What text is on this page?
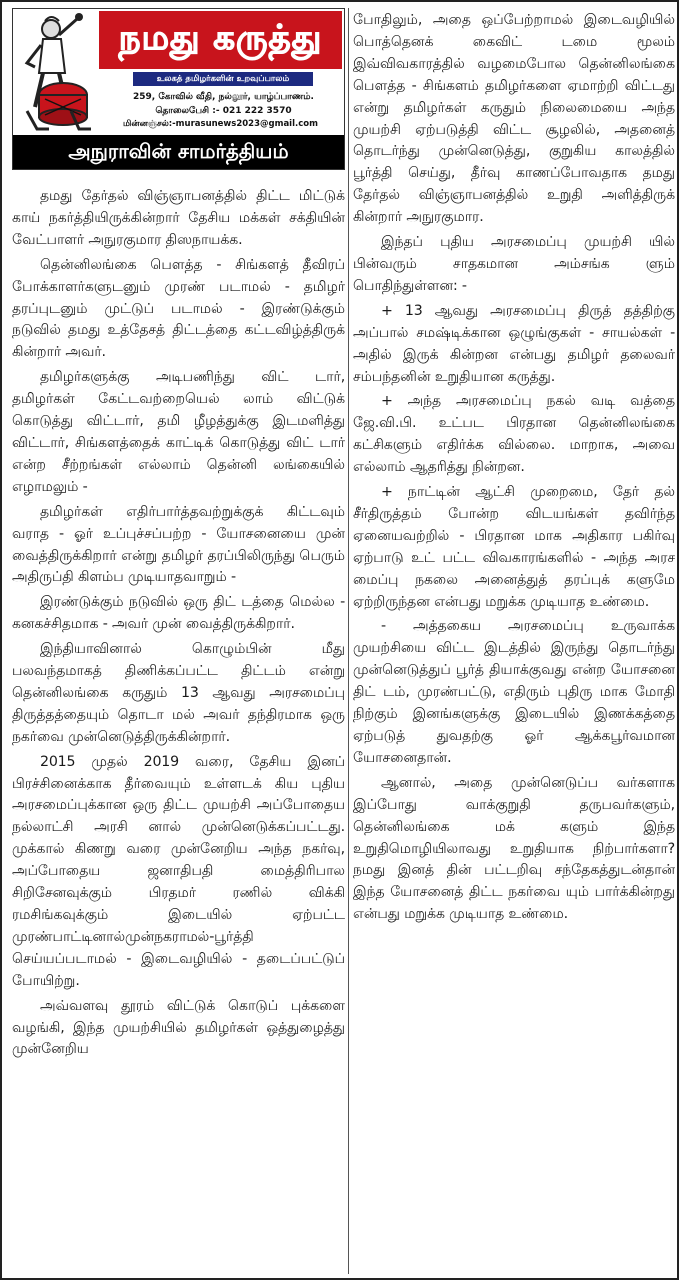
நமது கருத்து
உலகத் தமிழர்களின் உறவுப்பாலம்
259, கோவில் வீதி, நல்லூர், யாழ்ப்பாணம்.
தொலைபேசி :- 021 222 3570
மின்னஞ்சல்:-murasunews2023@gmail.com
அநுராவின் சாமர்த்தியம்

தமது தேர்தல் விஞ்ஞாபனத்தில் திட்ட மிட்டுக் காய் நகர்த்தியிருக்கின்றார் தேசிய மக்கள் சக்தியின் வேட்பாளர் அநுரகுமார திஸநாயக்க.

தென்னிலங்கை பௌத்த - சிங்களத் தீவிரப் போக்காளர்களுடனும் முரண் படாமல் - தமிழர் தரப்புடனும் முட்டுப் படாமல் - இரண்டுக்கும் நடுவில் தமது உத்தேசத் திட்டத்தை கட்டவிழ்த்திருக் கின்றார் அவர்.

தமிழர்களுக்கு அடிபணிந்து விட் டார், தமிழர்கள் கேட்டவற்றையெல் லாம் விட்டுக் கொடுத்து விட்டார், தமி ழீழத்துக்கு இடமளித்து விட்டார், சிங்களத்தைக் காட்டிக் கொடுத்து விட் டார் என்ற சீற்றங்கள் எல்லாம் தென்னி லங்கையில் எழாமலும் -

தமிழர்கள் எதிர்பார்த்தவற்றுக்குக் கிட்டவும் வராத - ஓர் உப்புச்சப்பற்ற - யோசனையை முன் வைத்திருக்கிறார் என்று தமிழர் தரப்பிலிருந்து பெரும் அதிருப்தி கிளம்ப முடியாதவாறும் -

இரண்டுக்கும் நடுவில் ஒரு திட் டத்தை மெல்ல - கனகச்சிதமாக - அவர் முன் வைத்திருக்கிறார்.

இந்தியாவினால் கொழும்பின் மீது பலவந்தமாகத் திணிக்கப்பட்ட திட்டம் என்று தென்னிலங்கை கருதும் 13 ஆவது அரசமைப்பு திருத்தத்தையும் தொடா மல் அவர் தந்திரமாக ஒரு நகர்வை முன்னெடுத்திருக்கின்றார்.

2015 முதல் 2019 வரை, தேசிய இனப் பிரச்சினைக்காக தீர்வையும் உள்ளடக் கிய புதிய அரசமைப்புக்கான ஒரு திட்ட முயற்சி அப்போதைய நல்லாட்சி அரசி னால் முன்னெடுக்கப்பட்டது. முக்கால் கிணறு வரை முன்னேறிய அந்த நகர்வு, அப்போதைய ஜனாதிபதி மைத்திரிபால சிறிசேனவுக்கும் பிரதமர் ரணில் விக்கி ரமசிங்கவுக்கும் இடையில் ஏற்பட்ட முரண்பாட்டினால்முன்நகராமல்-பூர்த்தி செய்யப்படாமல் - இடைவழியில் - தடைப்பட்டுப் போயிற்று.

அவ்வளவு தூரம் விட்டுக் கொடுப் புக்களை வழங்கி, இந்த முயற்சியில் தமிழர்கள் ஒத்துழைத்து முன்னேறிய

போதிலும், அதை ஒப்பேற்றாமல் இடைவழியில் பொத்தெனக் கைவிட் டமை மூலம் இவ்விவகாரத்தில் வழமைபோல தென்னிலங்கை பௌத்த - சிங்களம் தமிழர்களை ஏமாற்றி விட்டது என்று தமிழர்கள் கருதும் நிலைமையை அந்த முயற்சி ஏற்படுத்தி விட்ட சூழலில், அதனைத் தொடர்ந்து முன்னெடுத்து, குறுகிய காலத்தில் பூர்த்தி செய்து, தீர்வு காணப்போவதாக தமது தேர்தல் விஞ்ஞாபனத்தில் உறுதி அளித்திருக் கின்றார் அநுரகுமார.

இந்தப் புதிய அரசமைப்பு முயற்சி யில் பின்வரும் சாதகமான அம்சங்க ளும் பொதிந்துள்ளன: -

+ 13 ஆவது அரசமைப்பு திருத் தத்திற்கு அப்பால் சமஷ்டிக்கான ஒழுங்குகள் - சாயல்கள் - அதில் இருக் கின்றன என்பது தமிழர் தலைவர் சம்பந்தனின் உறுதியான கருத்து.

+ அந்த அரசமைப்பு நகல் வடி வத்தை ஜே.வி.பி. உட்பட பிரதான தென்னிலங்கை கட்சிகளும் எதிர்க்க வில்லை. மாறாக, அவை எல்லாம் ஆதரித்து நின்றன.

+ நாட்டின் ஆட்சி முறைமை, தேர் தல் சீர்திருத்தம் போன்ற விடயங்கள் தவிர்ந்த ஏனையவற்றில் - பிரதான மாக அதிகார பகிர்வு ஏற்பாடு உட் பட்ட விவகாரங்களில் - அந்த அரச மைப்பு நகலை அனைத்துத் தரப்புக் களுமே ஏற்றிருந்தன என்பது மறுக்க முடியாத உண்மை.

- அத்தகைய அரசமைப்பு உருவாக்க முயற்சியை விட்ட இடத்தில் இருந்து தொடர்ந்து முன்னெடுத்துப் பூர்த் தியாக்குவது என்ற யோசனை திட் டம், முரண்பட்டு, எதிரும் புதிரு மாக மோதி நிற்கும் இனங்களுக்கு இடையில் இணக்கத்தை ஏற்படுத் துவதற்கு ஓர் ஆக்கபூர்வமான யோசனைதான்.

ஆனால், அதை முன்னெடுப்ப வர்களாக இப்போது வாக்குறுதி தருபவர்களும், தென்னிலங்கை மக் களும் இந்த உறுதிமொழியிலாவது உறுதியாக நிற்பார்களா? நமது இனத் தின் பட்டறிவு சந்தேகத்துடன்தான் இந்த யோசனைத் திட்ட நகர்வை யும் பார்க்கின்றது என்பது மறுக்க முடியாத உண்மை.
